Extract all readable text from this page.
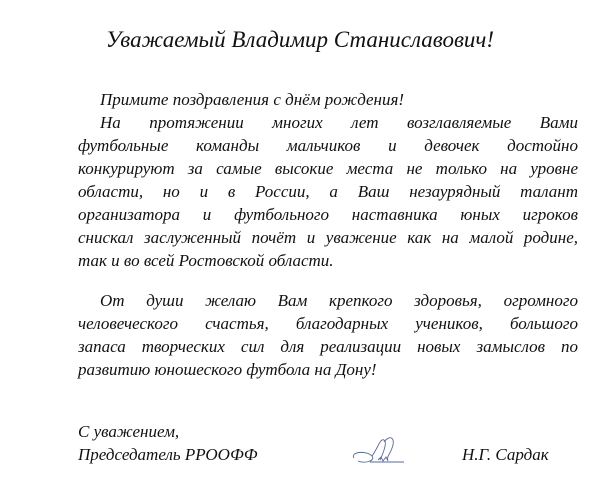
Уважаемый Владимир Станиславович!
Примите поздравления с днём рождения!
На протяжении многих лет возглавляемые Вами
футбольные команды мальчиков и девочек достойно
конкурируют за самые высокие места не только на уровне
области, но и в России, а Ваш незаурядный талант
организатора и футбольного наставника юных игроков
снискал заслуженный почёт и уважение как на малой родине,
так и во всей Ростовской области.
От души желаю Вам крепкого здоровья, огромного
человеческого счастья, благодарных учеников, большого
запаса творческих сил для реализации новых замыслов по
развитию юношеского футбола на Дону!
С уважением,
Председатель РРООФФ	Н.Г. Сардак
